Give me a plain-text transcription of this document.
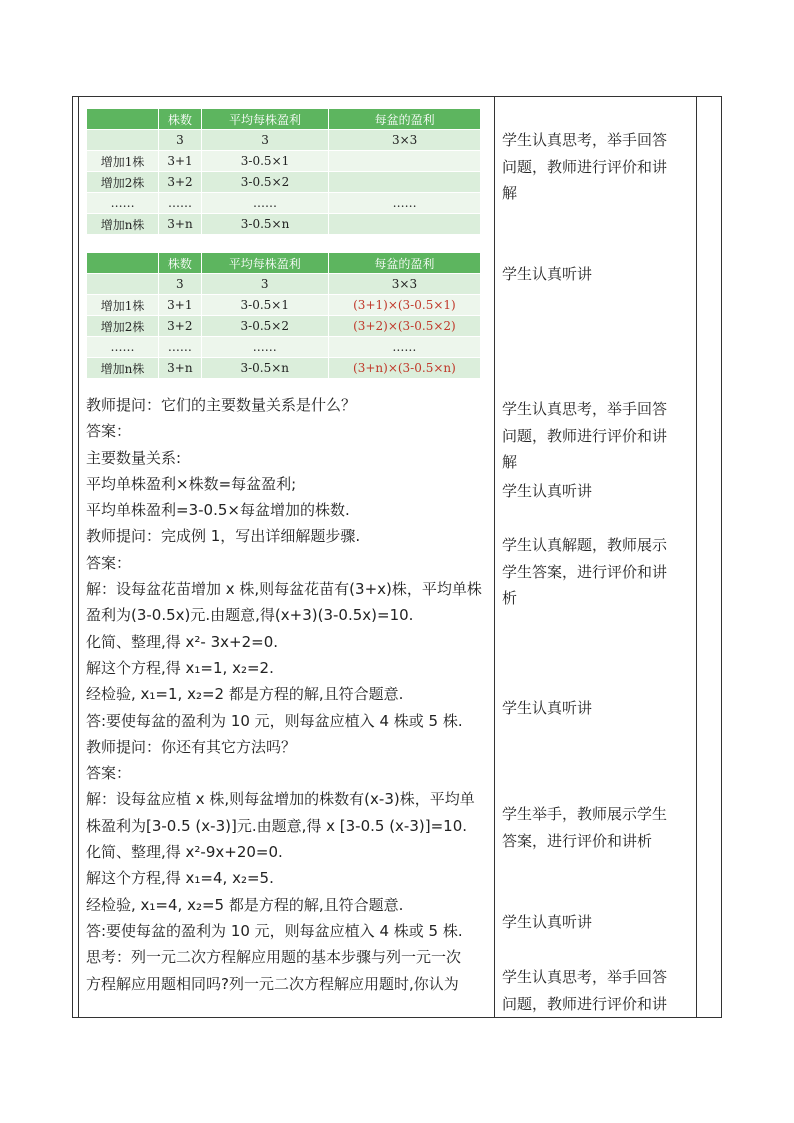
	株数	平均每株盈利	每盆的盈利
	3	3	3×3
增加1株	3+1	3-0.5×1	
增加2株	3+2	3-0.5×2	
……	……	……	……
增加n株	3+n	3-0.5×n	
	株数	平均每株盈利	每盆的盈利
	3	3	3×3
增加1株	3+1	3-0.5×1	(3+1)×(3-0.5×1)
增加2株	3+2	3-0.5×2	(3+2)×(3-0.5×2)
……	……	……	……
增加n株	3+n	3-0.5×n	(3+n)×(3-0.5×n)
教师提问：它们的主要数量关系是什么？
答案：
主要数量关系:
平均单株盈利×株数=每盆盈利;
平均单株盈利=3-0.5×每盆增加的株数.
教师提问：完成例 1，写出详细解题步骤.
答案：
解：设每盆花苗增加 x 株,则每盆花苗有(3+x)株，平均单株
盈利为(3-0.5x)元.由题意,得(x+3)(3-0.5x)=10.
化简、整理,得 x²- 3x+2=0.
解这个方程,得 x₁=1, x₂=2.
经检验, x₁=1, x₂=2 都是方程的解,且符合题意.
答:要使每盆的盈利为 10 元，则每盆应植入 4 株或 5 株.
教师提问：你还有其它方法吗？
答案：
解：设每盆应植 x 株,则每盆增加的株数有(x-3)株，平均单
株盈利为[3-0.5 (x-3)]元.由题意,得 x [3-0.5 (x-3)]=10.
化简、整理,得 x²-9x+20=0.
解这个方程,得 x₁=4, x₂=5.
经检验, x₁=4, x₂=5 都是方程的解,且符合题意.
答:要使每盆的盈利为 10 元，则每盆应植入 4 株或 5 株.
思考：列一元二次方程解应用题的基本步骤与列一元一次
方程解应用题相同吗?列一元二次方程解应用题时,你认为
学生认真思考，举手回答
问题，教师进行评价和讲
解
学生认真听讲
学生认真思考，举手回答
问题，教师进行评价和讲
解
学生认真听讲
学生认真解题，教师展示
学生答案，进行评价和讲
析
学生认真听讲
学生举手，教师展示学生
答案，进行评价和讲析
学生认真听讲
学生认真思考，举手回答
问题，教师进行评价和讲
